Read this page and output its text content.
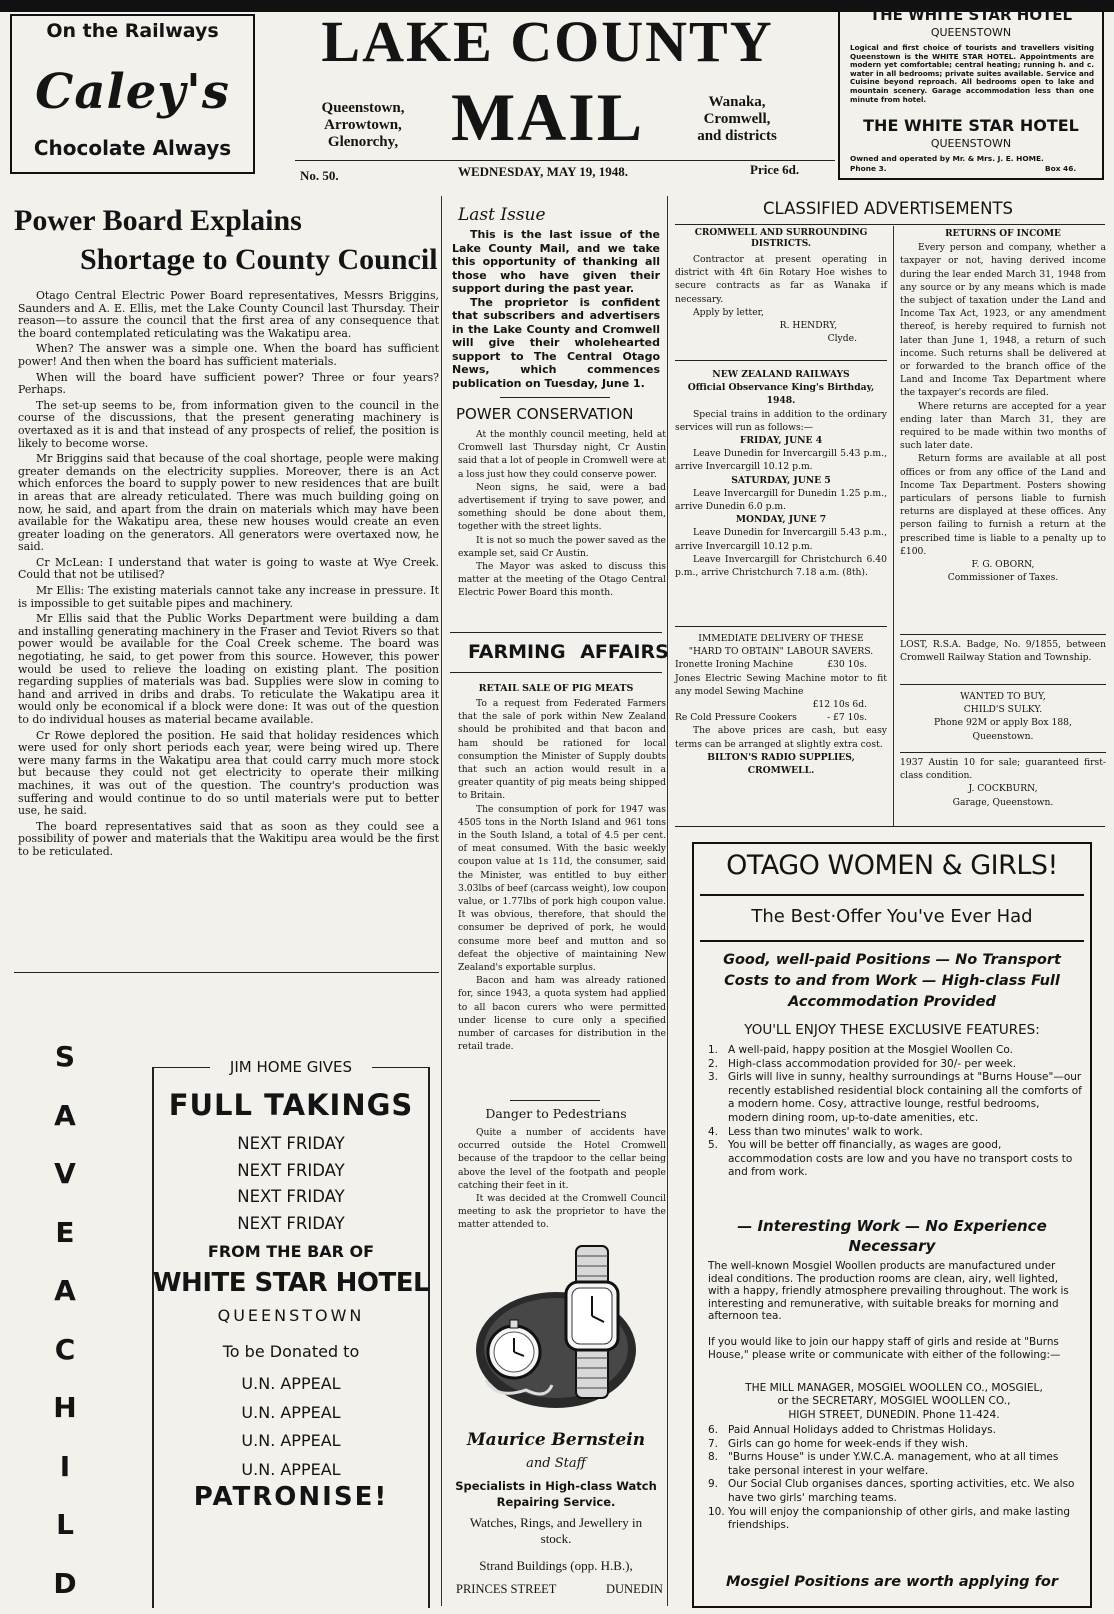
On the Railways
Caley's
Chocolate Always
LAKE COUNTY
MAIL
Queenstown,
Arrowtown,
Glenorchy,
Wanaka,
Cromwell,
and districts
No. 50.	WEDNESDAY, MAY 19, 1948.	Price 6d.
THE WHITE STAR HOTEL
QUEENSTOWN
Logical and first choice of tourists and travellers visiting Queenstown is the WHITE STAR HOTEL. Appointments are modern yet comfortable; central heating; running h. and c. water in all bedrooms; private suites available. Service and Cuisine beyond reproach. All bedrooms open to lake and mountain scenery. Garage accommodation less than one minute from hotel.
THE WHITE STAR HOTEL
QUEENSTOWN
Owned and operated by Mr. & Mrs. J. E. HOME.
Phone 3.	Box 46.
Power Board Explains
Shortage to County Council

Otago Central Electric Power Board representatives, Messrs Briggins, Saunders and A. E. Ellis, met the Lake County Council last Thursday. Their reason—to assure the council that the first area of any consequence that the board contemplated reticulating was the Wakatipu area.

When? The answer was a simple one. When the board has sufficient power! And then when the board has sufficient materials.

When will the board have sufficient power? Three or four years? Perhaps.

The set-up seems to be, from information given to the council in the course of the discussions, that the present generating machinery is overtaxed as it is and that instead of any prospects of relief, the position is likely to become worse.

Mr Briggins said that because of the coal shortage, people were making greater demands on the electricity supplies. Moreover, there is an Act which enforces the board to supply power to new residences that are built in areas that are already reticulated. There was much building going on now, he said, and apart from the drain on materials which may have been available for the Wakatipu area, these new houses would create an even greater loading on the generators. All generators were overtaxed now, he said.

Cr McLean: I understand that water is going to waste at Wye Creek. Could that not be utilised?

Mr Ellis: The existing materials cannot take any increase in pressure. It is impossible to get suitable pipes and machinery.

Mr Ellis said that the Public Works Department were building a dam and installing generating machinery in the Fraser and Teviot Rivers so that power would be available for the Coal Creek scheme. The board was negotiating, he said, to get power from this source. However, this power would be used to relieve the loading on existing plant. The position regarding supplies of materials was bad. Supplies were slow in coming to hand and arrived in dribs and drabs. To reticulate the Wakatipu area it would only be economical if a block were done: It was out of the question to do individual houses as material became available.

Cr Rowe deplored the position. He said that holiday residences which were used for only short periods each year, were being wired up. There were many farms in the Wakatipu area that could carry much more stock but because they could not get electricity to operate their milking machines, it was out of the question. The country's production was suffering and would continue to do so until materials were put to better use, he said.

The board representatives said that as soon as they could see a possibility of power and materials that the Wakitipu area would be the first to be reticulated.

S
A
V
E
A
C
H
I
L
D
JIM HOME GIVES
FULL TAKINGS
NEXT FRIDAY
NEXT FRIDAY
NEXT FRIDAY
NEXT FRIDAY
FROM THE BAR OF
WHITE STAR HOTEL
QUEENSTOWN
To be Donated to
U.N. APPEAL
U.N. APPEAL
U.N. APPEAL
U.N. APPEAL
PATRONISE!
Last Issue

This is the last issue of the Lake County Mail, and we take this opportunity of thanking all those who have given their support during the past year.

The proprietor is confident that subscribers and advertisers in the Lake County and Cromwell will give their wholehearted support to The Central Otago News, which commences publication on Tuesday, June 1.

POWER CONSERVATION

At the monthly council meeting, held at Cromwell last Thursday night, Cr Austin said that a lot of people in Cromwell were at a loss just how they could conserve power.

Neon signs, he said, were a bad advertisement if trying to save power, and something should be done about them, together with the street lights.

It is not so much the power saved as the example set, said Cr Austin.

The Mayor was asked to discuss this matter at the meeting of the Otago Central Electric Power Board this month.

FARMING AFFAIRS
RETAIL SALE OF PIG MEATS

To a request from Federated Farmers that the sale of pork within New Zealand should be prohibited and that bacon and ham should be rationed for local consumption the Minister of Supply doubts that such an action would result in a greater quantity of pig meats being shipped to Britain.

The consumption of pork for 1947 was 4505 tons in the North Island and 961 tons in the South Island, a total of 4.5 per cent. of meat consumed. With the basic weekly coupon value at 1s 11d, the consumer, said the Minister, was entitled to buy either 3.03lbs of beef (carcass weight), low coupon value, or 1.77lbs of pork high coupon value. It was obvious, therefore, that should the consumer be deprived of pork, he would consume more beef and mutton and so defeat the objective of maintaining New Zealand's exportable surplus.

Bacon and ham was already rationed for, since 1943, a quota system had applied to all bacon curers who were permitted under license to cure only a specified number of carcases for distribution in the retail trade.

Danger to Pedestrians

Quite a number of accidents have occurred outside the Hotel Cromwell because of the trapdoor to the cellar being above the level of the footpath and people catching their feet in it.

It was decided at the Cromwell Council meeting to ask the proprietor to have the matter attended to.

Maurice Bernstein
and Staff
Specialists in High-class Watch Repairing Service.
Watches, Rings, and Jewellery in stock.
Strand Buildings (opp. H.B.),
PRINCES STREET	DUNEDIN
CLASSIFIED ADVERTISEMENTS
CROMWELL AND SURROUNDING DISTRICTS.

Contractor at present operating in district with 4ft 6in Rotary Hoe wishes to secure contracts as far as Wanaka if necessary.

Apply by letter,

R. HENDRY,
Clyde.
NEW ZEALAND RAILWAYS
Official Observance King's Birthday, 1948.

Special trains in addition to the ordinary services will run as follows:—

FRIDAY, JUNE 4

Leave Dunedin for Invercargill 5.43 p.m., arrive Invercargill 10.12 p.m.

SATURDAY, JUNE 5

Leave Invercargill for Dunedin 1.25 p.m., arrive Dunedin 6.0 p.m.

MONDAY, JUNE 7

Leave Dunedin for Invercargill 5.43 p.m., arrive Invercargill 10.12 p.m.

Leave Invercargill for Christchurch 6.40 p.m., arrive Christchurch 7.18 a.m. (8th).

IMMEDIATE DELIVERY OF THESE "HARD TO OBTAIN" LABOUR SAVERS.
Ironette Ironing Machine	£30 10s.
Jones Electric Sewing Machine motor to fit any model Sewing Machine
£12 10s 6d.
Re Cold Pressure Cookers	- £7 10s.

The above prices are cash, but easy terms can be arranged at slightly extra cost.

BILTON'S RADIO SUPPLIES,
CROMWELL.
RETURNS OF INCOME

Every person and company, whether a taxpayer or not, having derived income during the lear ended March 31, 1948 from any source or by any means which is made the subject of taxation under the Land and Income Tax Act, 1923, or any amendment thereof, is hereby required to furnish not later than June 1, 1948, a return of such income. Such returns shall be delivered at or forwarded to the branch office of the Land and Income Tax Department where the taxpayer's records are filed.

Where returns are accepted for a year ending later than March 31, they are required to be made within two months of such later date.

Return forms are available at all post offices or from any office of the Land and Income Tax Department. Posters showing particulars of persons liable to furnish returns are displayed at these offices. Any person failing to furnish a return at the prescribed time is liable to a penalty up to £100.

F. G. OBORN,
Commissioner of Taxes.
LOST, R.S.A. Badge, No. 9/1855, between Cromwell Railway Station and Township.
WANTED TO BUY,
CHILD'S SULKY.
Phone 92M or apply Box 188,
Queenstown.

1937 Austin 10 for sale; guaranteed first-class condition.

J. COCKBURN,
Garage, Queenstown.
OTAGO WOMEN & GIRLS!
The Best·Offer You've Ever Had
Good, well-paid Positions — No Transport Costs to and from Work — High-class Full Accommodation Provided
YOU'LL ENJOY THESE EXCLUSIVE FEATURES:
1. A well-paid, happy position at the Mosgiel Woollen Co.
2. High-class accommodation provided for 30/- per week.
3. Girls will live in sunny, healthy surroundings at "Burns House"—our recently established residential block containing all the comforts of a modern home. Cosy, attractive lounge, restful bedrooms, modern dining room, up-to-date amenities, etc.
4. Less than two minutes' walk to work.
5. You will be better off financially, as wages are good, accommodation costs are low and you have no transport costs to and from work.
— Interesting Work — No Experience Necessary
The well-known Mosgiel Woollen products are manufactured under ideal conditions. The production rooms are clean, airy, well lighted, with a happy, friendly atmosphere prevailing throughout. The work is interesting and remunerative, with suitable breaks for morning and afternoon tea.
If you would like to join our happy staff of girls and reside at "Burns House," please write or communicate with either of the following:—
THE MILL MANAGER, MOSGIEL WOOLLEN CO., MOSGIEL,
or the SECRETARY, MOSGIEL WOOLLEN CO.,
HIGH STREET, DUNEDIN. Phone 11-424.
6. Paid Annual Holidays added to Christmas Holidays.
7. Girls can go home for week-ends if they wish.
8. "Burns House" is under Y.W.C.A. management, who at all times take personal interest in your welfare.
9. Our Social Club organises dances, sporting activities, etc. We also have two girls' marching teams.
10. You will enjoy the companionship of other girls, and make lasting friendships.
Mosgiel Positions are worth applying for
